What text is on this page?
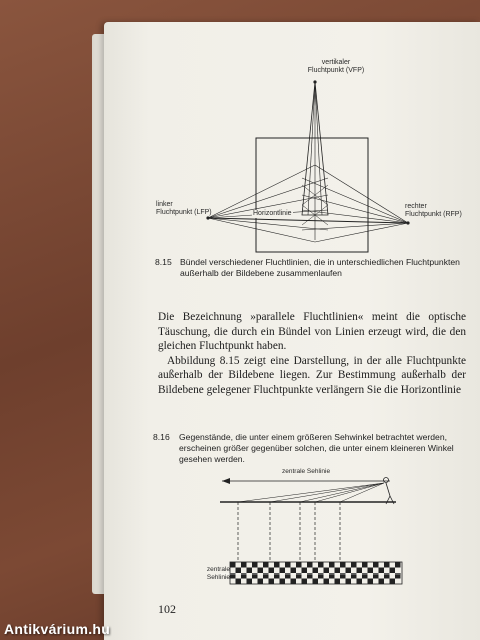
vertikaler
Fluchtpunkt (VFP)
linker
Fluchtpunkt (LFP)
rechter
Fluchtpunkt (RFP)
Horizontlinie
8.15 Bündel verschiedener Fluchtlinien, die in unterschiedlichen Fluchtpunkten
außerhalb der Bildebene zusammenlaufen

Die Bezeichnung »parallele Fluchtlinien« meint die optische Täuschung, die durch ein Bündel von Linien erzeugt wird, die den gleichen Fluchtpunkt haben.

Abbildung 8.15 zeigt eine Darstellung, in der alle Fluchtpunkte außerhalb der Bildebene liegen. Zur Bestimmung außerhalb der Bildebene gelegener Fluchtpunkte verlängern Sie die Horizontlinie

8.16 Gegenstände, die unter einem größeren Sehwinkel betrachtet werden,
erscheinen größer gegenüber solchen, die unter einem kleineren Winkel
gesehen werden.
zentrale Sehlinie
zentrale
Sehlinie
102
Antikvárium.hu
